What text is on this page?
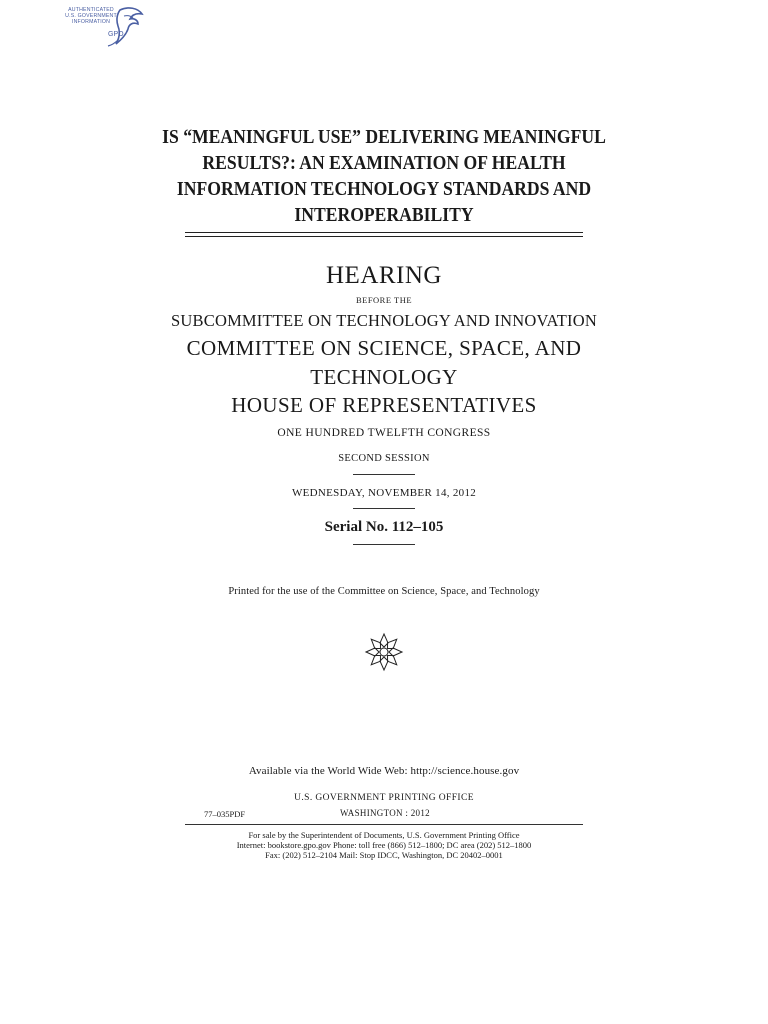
AUTHENTICATED
U.S. GOVERNMENT
INFORMATION
GPO
IS “MEANINGFUL USE” DELIVERING MEANINGFUL
RESULTS?: AN EXAMINATION OF HEALTH
INFORMATION TECHNOLOGY STANDARDS AND
INTEROPERABILITY
HEARING
BEFORE THE
SUBCOMMITTEE ON TECHNOLOGY AND INNOVATION
COMMITTEE ON SCIENCE, SPACE, AND
TECHNOLOGY
HOUSE OF REPRESENTATIVES
ONE HUNDRED TWELFTH CONGRESS
SECOND SESSION
WEDNESDAY, NOVEMBER 14, 2012
Serial No. 112–105
Printed for the use of the Committee on Science, Space, and Technology
Available via the World Wide Web: http://science.house.gov
U.S. GOVERNMENT PRINTING OFFICE
77–035PDF	WASHINGTON : 2012
For sale by the Superintendent of Documents, U.S. Government Printing Office
Internet: bookstore.gpo.gov Phone: toll free (866) 512–1800; DC area (202) 512–1800
Fax: (202) 512–2104 Mail: Stop IDCC, Washington, DC 20402–0001
